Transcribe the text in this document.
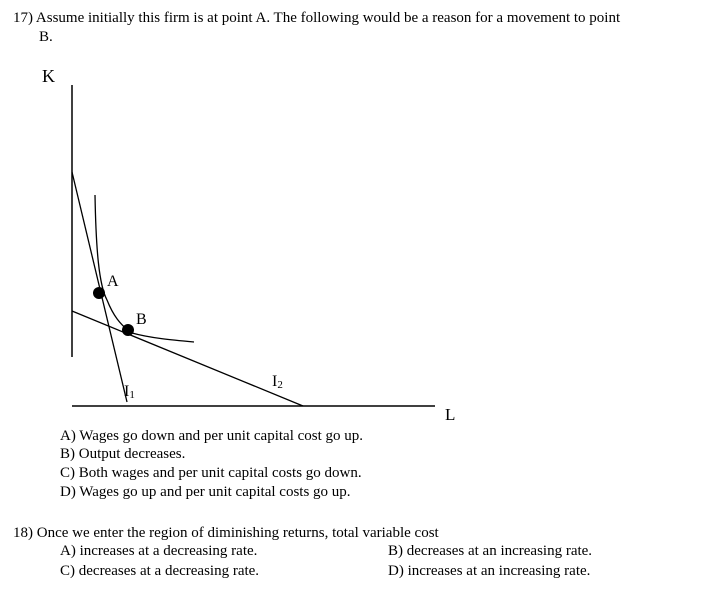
17) Assume initially this firm is at point A. The following would be a reason for a movement to point
B.
K
L
A
B
I1
I2
A) Wages go down and per unit capital cost go up.
B) Output decreases.
C) Both wages and per unit capital costs go down.
D) Wages go up and per unit capital costs go up.
18) Once we enter the region of diminishing returns, total variable cost
A) increases at a decreasing rate.	B) decreases at an increasing rate.
C) decreases at a decreasing rate.	D) increases at an increasing rate.
